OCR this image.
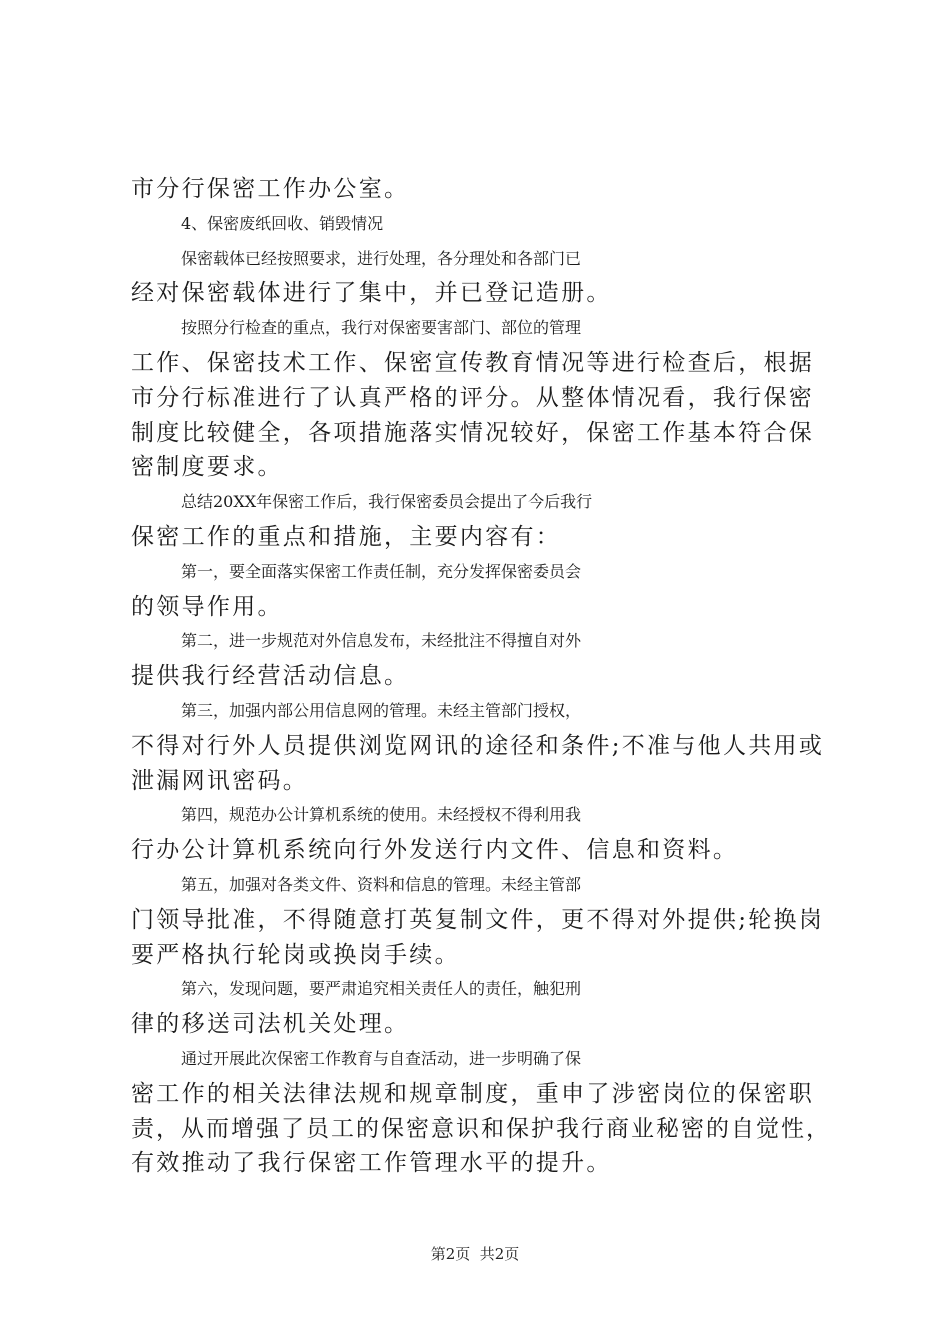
市分行保密工作办公室。
4、保密废纸回收、销毁情况
保密载体已经按照要求，进行处理，各分理处和各部门已
经对保密载体进行了集中，并已登记造册。
按照分行检查的重点，我行对保密要害部门、部位的管理
工作、保密技术工作、保密宣传教育情况等进行检查后，根据
市分行标准进行了认真严格的评分。从整体情况看，我行保密
制度比较健全，各项措施落实情况较好，保密工作基本符合保
密制度要求。
总结20XX年保密工作后，我行保密委员会提出了今后我行
保密工作的重点和措施，主要内容有：
第一，要全面落实保密工作责任制，充分发挥保密委员会
的领导作用。
第二，进一步规范对外信息发布，未经批注不得擅自对外
提供我行经营活动信息。
第三，加强内部公用信息网的管理。未经主管部门授权，
不得对行外人员提供浏览网讯的途径和条件;不准与他人共用或
泄漏网讯密码。
第四，规范办公计算机系统的使用。未经授权不得利用我
行办公计算机系统向行外发送行内文件、信息和资料。
第五，加强对各类文件、资料和信息的管理。未经主管部
门领导批准，不得随意打英复制文件，更不得对外提供;轮换岗
要严格执行轮岗或换岗手续。
第六，发现问题，要严肃追究相关责任人的责任，触犯刑
律的移送司法机关处理。
通过开展此次保密工作教育与自查活动，进一步明确了保
密工作的相关法律法规和规章制度，重申了涉密岗位的保密职
责，从而增强了员工的保密意识和保护我行商业秘密的自觉性，
有效推动了我行保密工作管理水平的提升。
第2页  共2页
